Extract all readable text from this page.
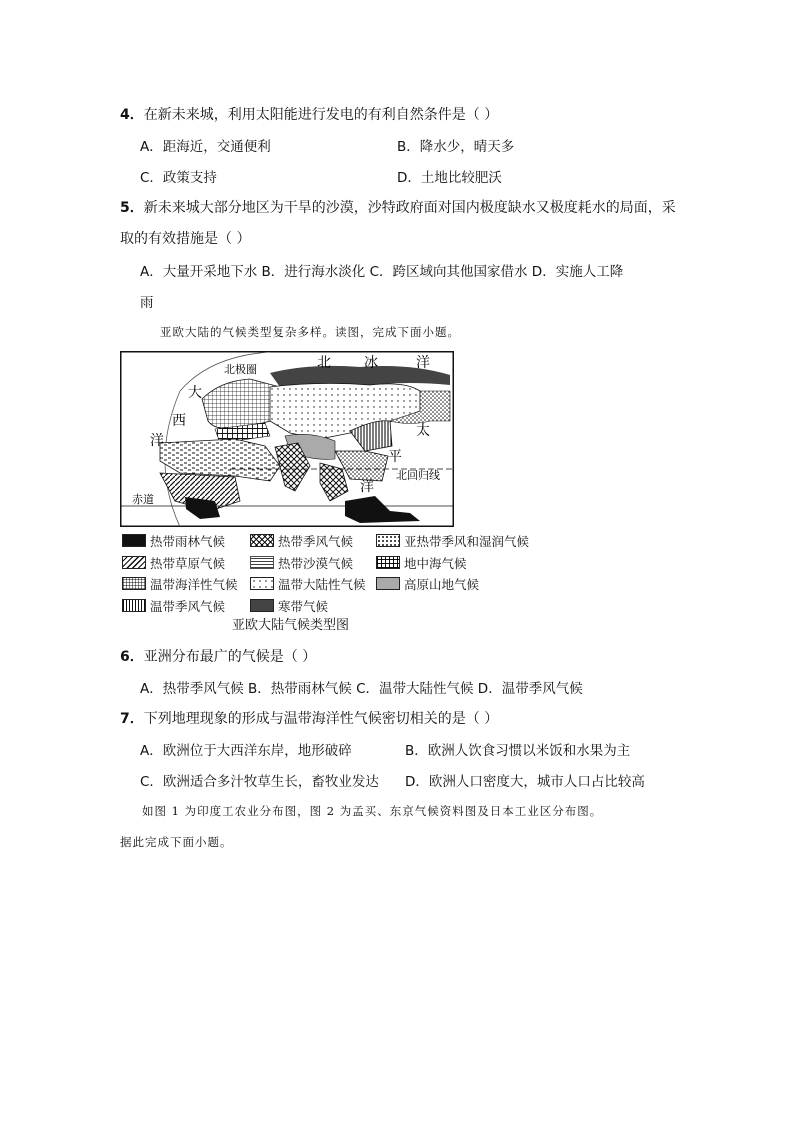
4．在新未来城，利用太阳能进行发电的有利自然条件是（ ）
A．距海近，交通便利	B．降水少，晴天多
C．政策支持	D．土地比较肥沃
5．新未来城大部分地区为干旱的沙漠，沙特政府面对国内极度缺水又极度耗水的局面，采
取的有效措施是（ ）
A．大量开采地下水 B．进行海水淡化 C．跨区域向其他国家借水 D．实施人工降
雨
亚欧大陆的气候类型复杂多样。读图，完成下面小题。
北 冰	洋
北极圈
大
西
洋
太
平
洋
北回归线
赤道
热带雨林气候	热带季风气候	亚热带季风和湿润气候
热带草原气候	热带沙漠气候	地中海气候
温带海洋性气候	温带大陆性气候	高原山地气候
温带季风气候	寒带气候
亚欧大陆气候类型图
6．亚洲分布最广的气候是（ ）
A．热带季风气候 B．热带雨林气候 C．温带大陆性气候 D．温带季风气候
7．下列地理现象的形成与温带海洋性气候密切相关的是（ ）
A．欧洲位于大西洋东岸，地形破碎	B．欧洲人饮食习惯以米饭和水果为主
C．欧洲适合多汁牧草生长，畜牧业发达 D．欧洲人口密度大，城市人口占比较高
如图 1 为印度工农业分布图，图 2 为孟买、东京气候资料图及日本工业区分布图。
据此完成下面小题。
